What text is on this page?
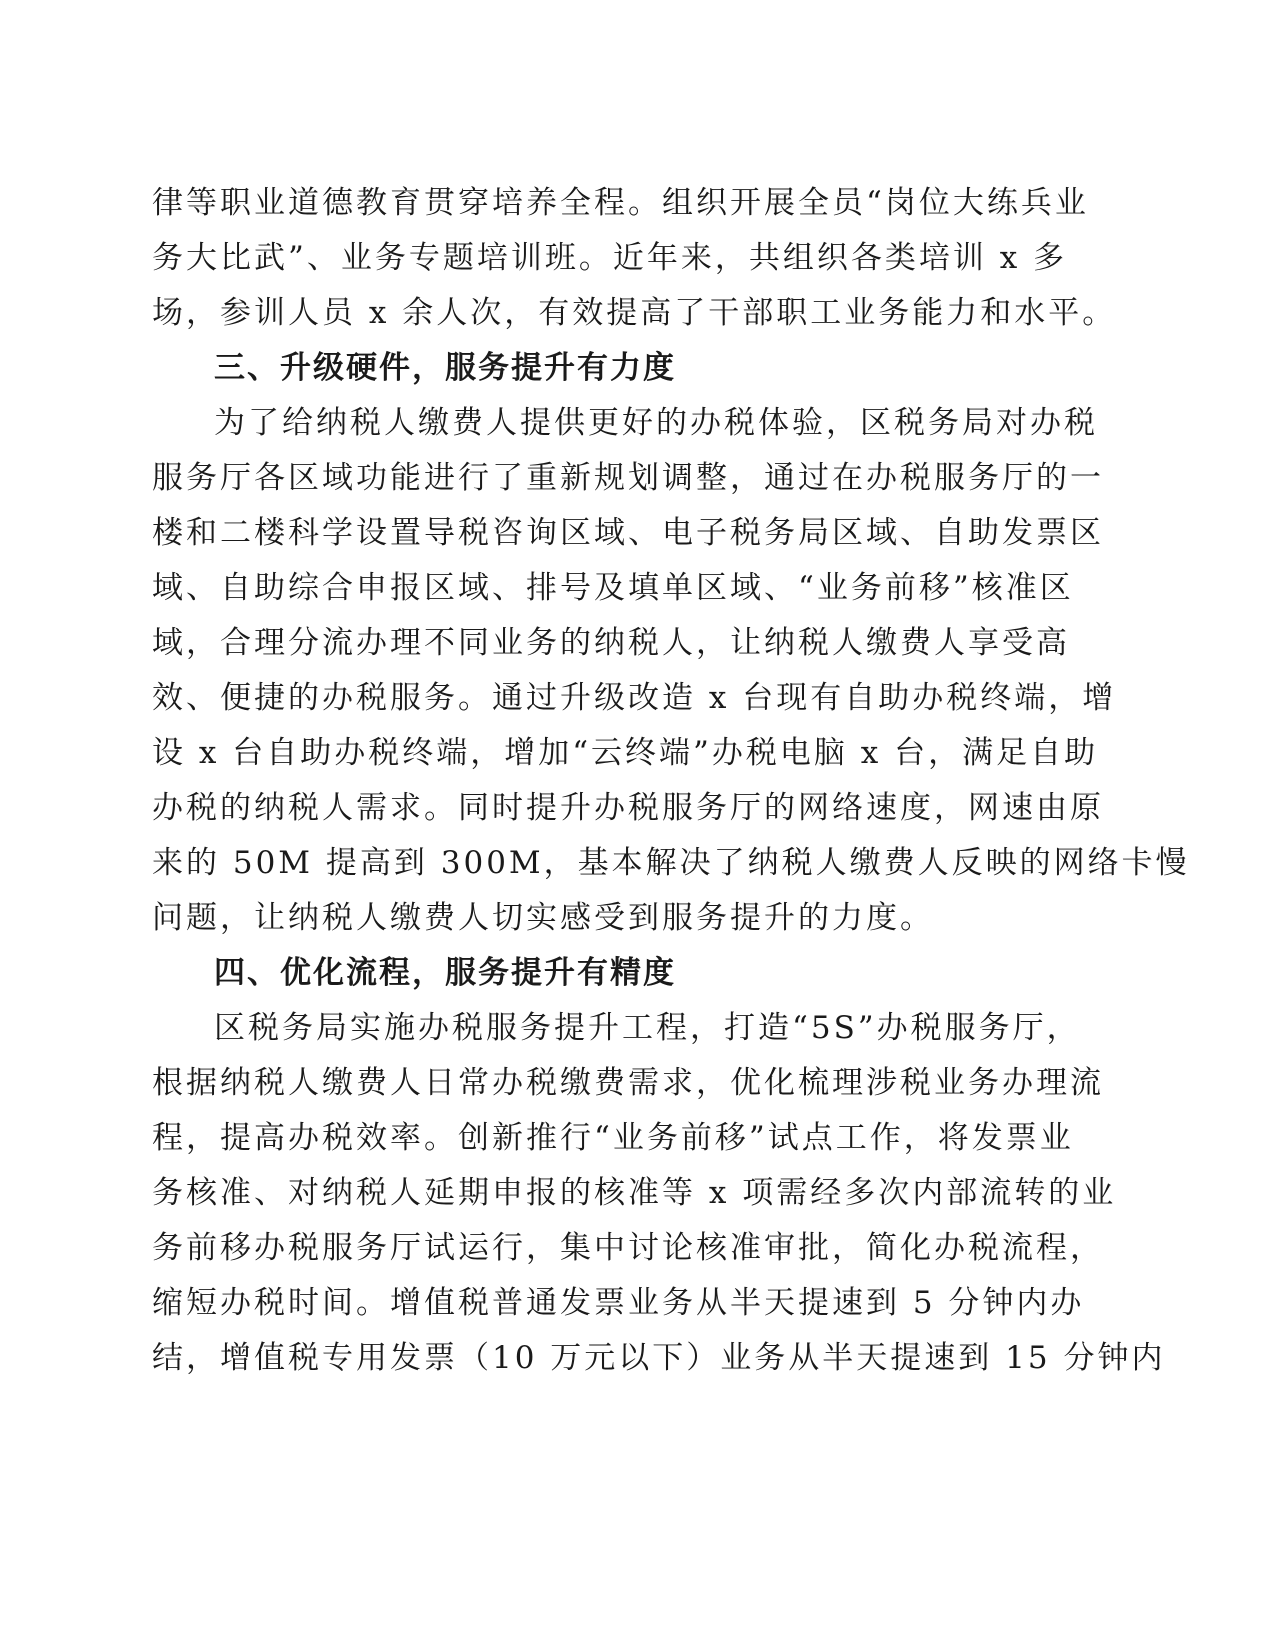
律等职业道德教育贯穿培养全程。组织开展全员“岗位大练兵业

务大比武”、业务专题培训班。近年来，共组织各类培训 x 多

场，参训人员 x 余人次，有效提高了干部职工业务能力和水平。

三、升级硬件，服务提升有力度

为了给纳税人缴费人提供更好的办税体验，区税务局对办税

服务厅各区域功能进行了重新规划调整，通过在办税服务厅的一

楼和二楼科学设置导税咨询区域、电子税务局区域、自助发票区

域、自助综合申报区域、排号及填单区域、“业务前移”核准区

域，合理分流办理不同业务的纳税人，让纳税人缴费人享受高

效、便捷的办税服务。通过升级改造 x 台现有自助办税终端，增

设 x 台自助办税终端，增加“云终端”办税电脑 x 台，满足自助

办税的纳税人需求。同时提升办税服务厅的网络速度，网速由原

来的 50M 提高到 300M，基本解决了纳税人缴费人反映的网络卡慢

问题，让纳税人缴费人切实感受到服务提升的力度。

四、优化流程，服务提升有精度

区税务局实施办税服务提升工程，打造“5S”办税服务厅，

根据纳税人缴费人日常办税缴费需求，优化梳理涉税业务办理流

程，提高办税效率。创新推行“业务前移”试点工作，将发票业

务核准、对纳税人延期申报的核准等 x 项需经多次内部流转的业

务前移办税服务厅试运行，集中讨论核准审批，简化办税流程，

缩短办税时间。增值税普通发票业务从半天提速到 5 分钟内办

结，增值税专用发票（10 万元以下）业务从半天提速到 15 分钟内
